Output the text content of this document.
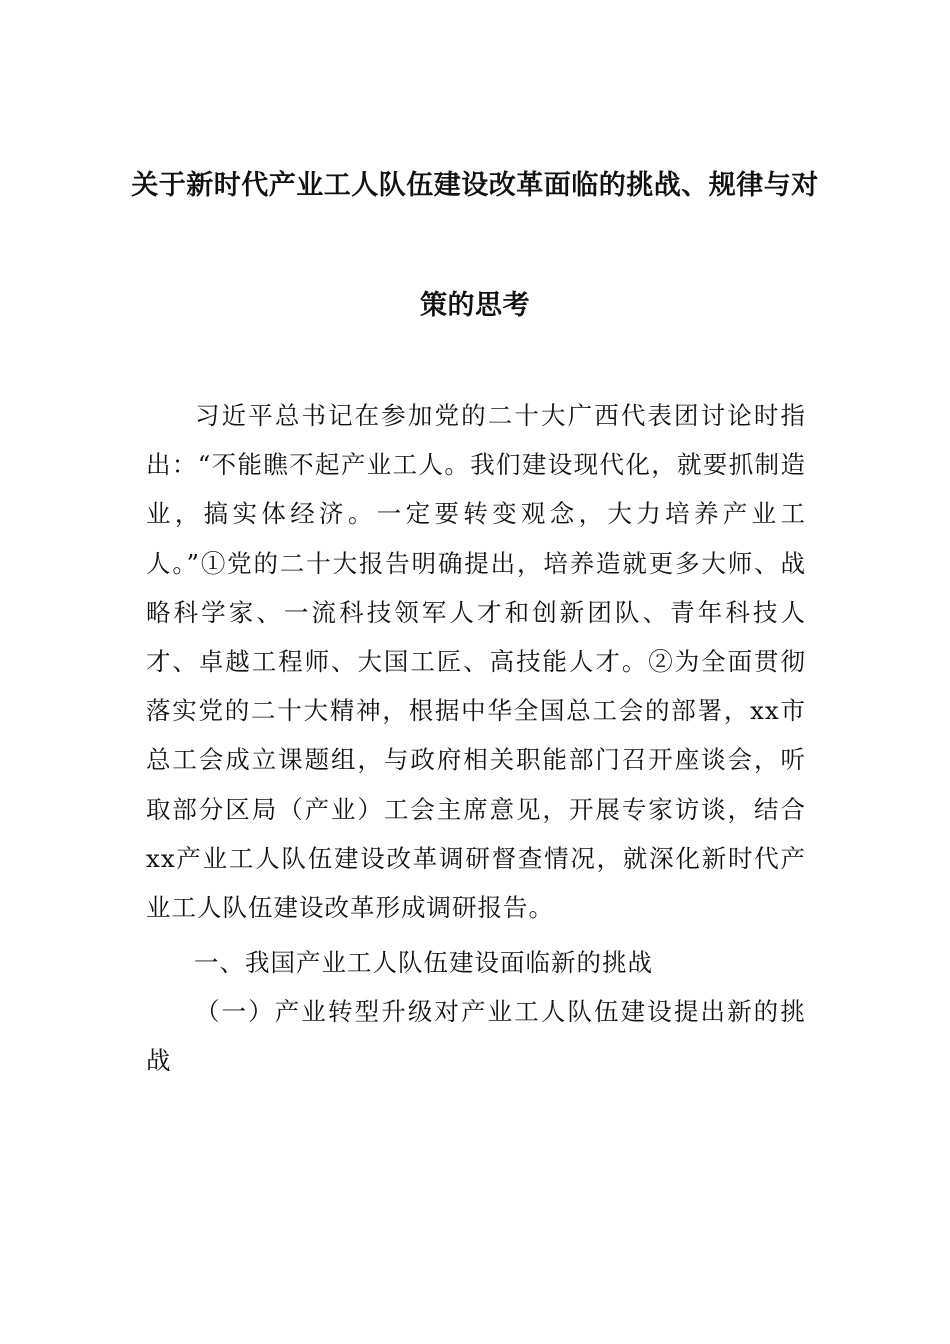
关于新时代产业工人队伍建设改革面临的挑战、规律与对
策的思考
习近平总书记在参加党的二十大广西代表团讨论时指出：“不能瞧不起产业工人。我们建设现代化，就要抓制造业，搞实体经济。一定要转变观念，大力培养产业工人。”①党的二十大报告明确提出，培养造就更多大师、战略科学家、一流科技领军人才和创新团队、青年科技人才、卓越工程师、大国工匠、高技能人才。②为全面贯彻落实党的二十大精神，根据中华全国总工会的部署，xx市总工会成立课题组，与政府相关职能部门召开座谈会，听取部分区局（产业）工会主席意见，开展专家访谈，结合xx产业工人队伍建设改革调研督查情况，就深化新时代产业工人队伍建设改革形成调研报告。
一、我国产业工人队伍建设面临新的挑战
（一）产业转型升级对产业工人队伍建设提出新的挑战
